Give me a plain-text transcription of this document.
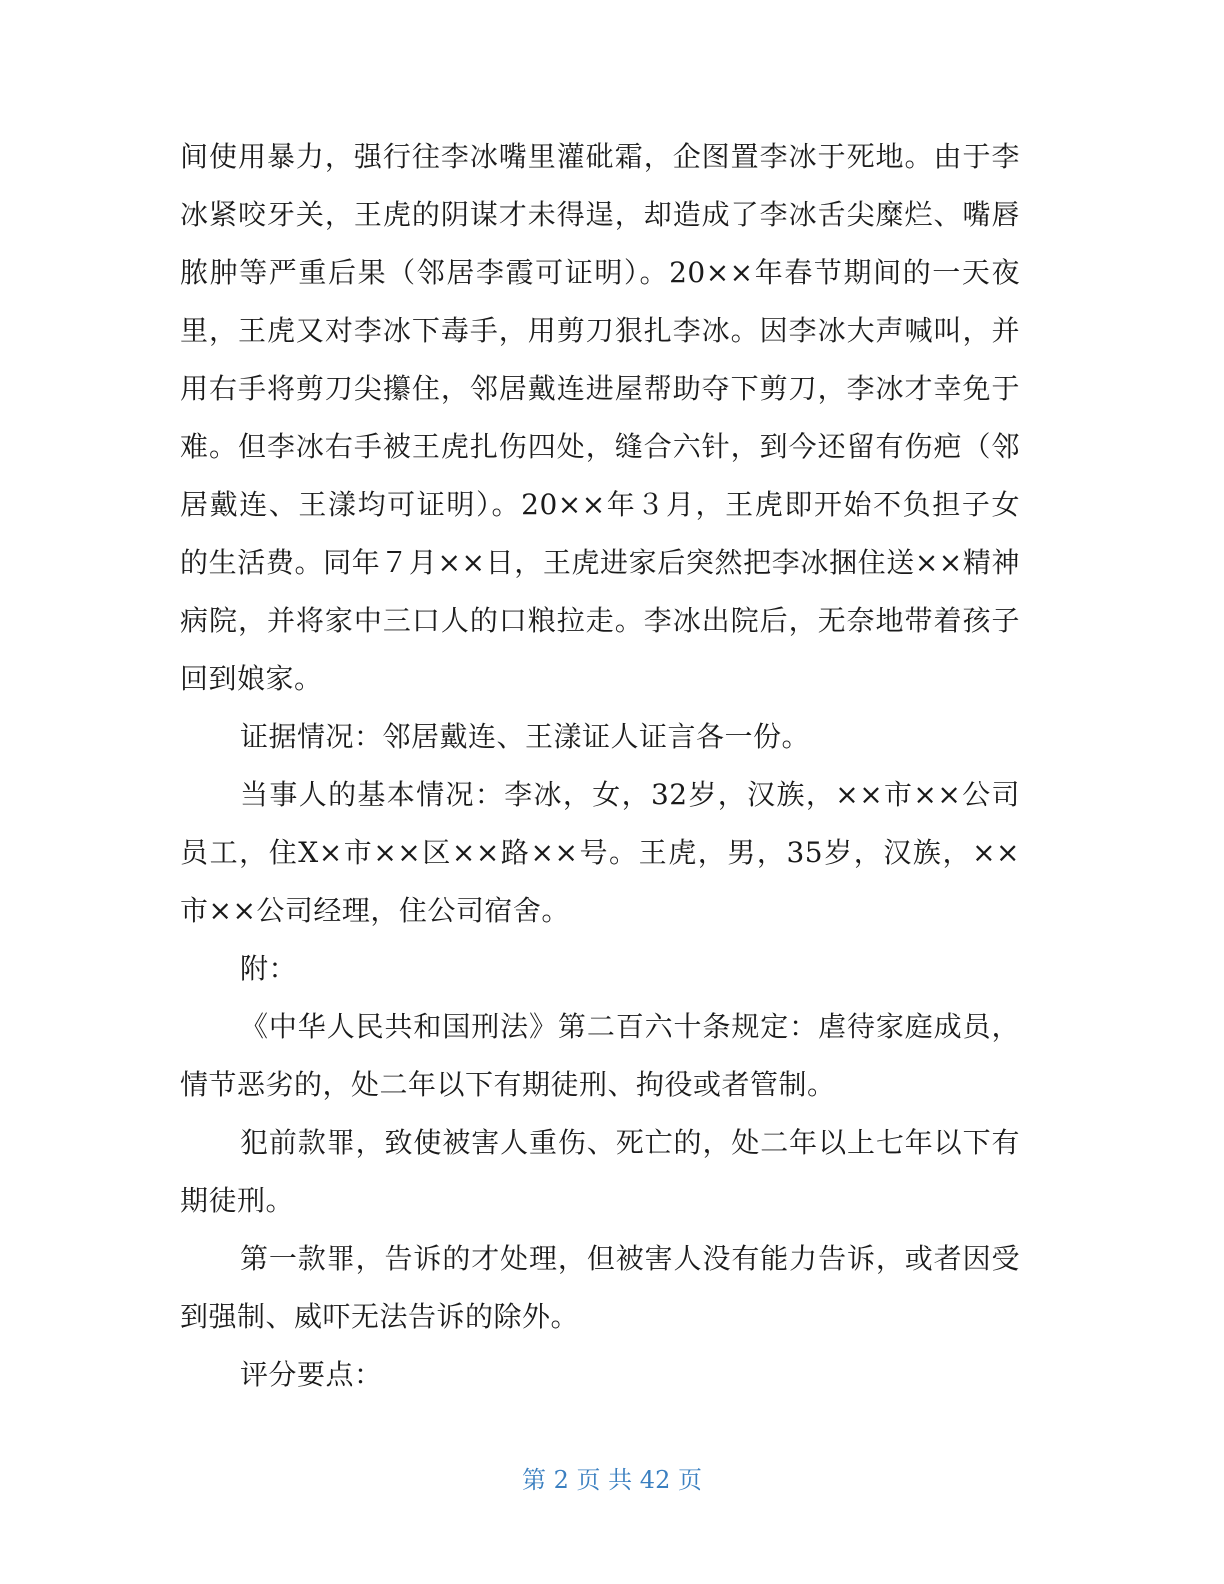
间使用暴力，强行往李冰嘴里灌砒霜，企图置李冰于死地。由于李冰紧咬牙关，王虎的阴谋才未得逞，却造成了李冰舌尖糜烂、嘴唇脓肿等严重后果（邻居李霞可证明）。20××年春节期间的一天夜里，王虎又对李冰下毒手，用剪刀狠扎李冰。因李冰大声喊叫，并用右手将剪刀尖攥住，邻居戴连进屋帮助夺下剪刀，李冰才幸免于难。但李冰右手被王虎扎伤四处，缝合六针，到今还留有伤疤（邻居戴连、王漾均可证明）。20××年３月，王虎即开始不负担子女的生活费。同年７月××日，王虎进家后突然把李冰捆住送××精神病院，并将家中三口人的口粮拉走。李冰出院后，无奈地带着孩子回到娘家。

证据情况：邻居戴连、王漾证人证言各一份。

当事人的基本情况：李冰，女，32岁，汉族，××市××公司员工，住X×市××区××路××号。王虎，男，35岁，汉族，××市××公司经理，住公司宿舍。

附：

《中华人民共和国刑法》第二百六十条规定：虐待家庭成员，情节恶劣的，处二年以下有期徒刑、拘役或者管制。

犯前款罪，致使被害人重伤、死亡的，处二年以上七年以下有期徒刑。

第一款罪，告诉的才处理，但被害人没有能力告诉，或者因受到强制、威吓无法告诉的除外。

评分要点：

第 2 页 共 42 页
